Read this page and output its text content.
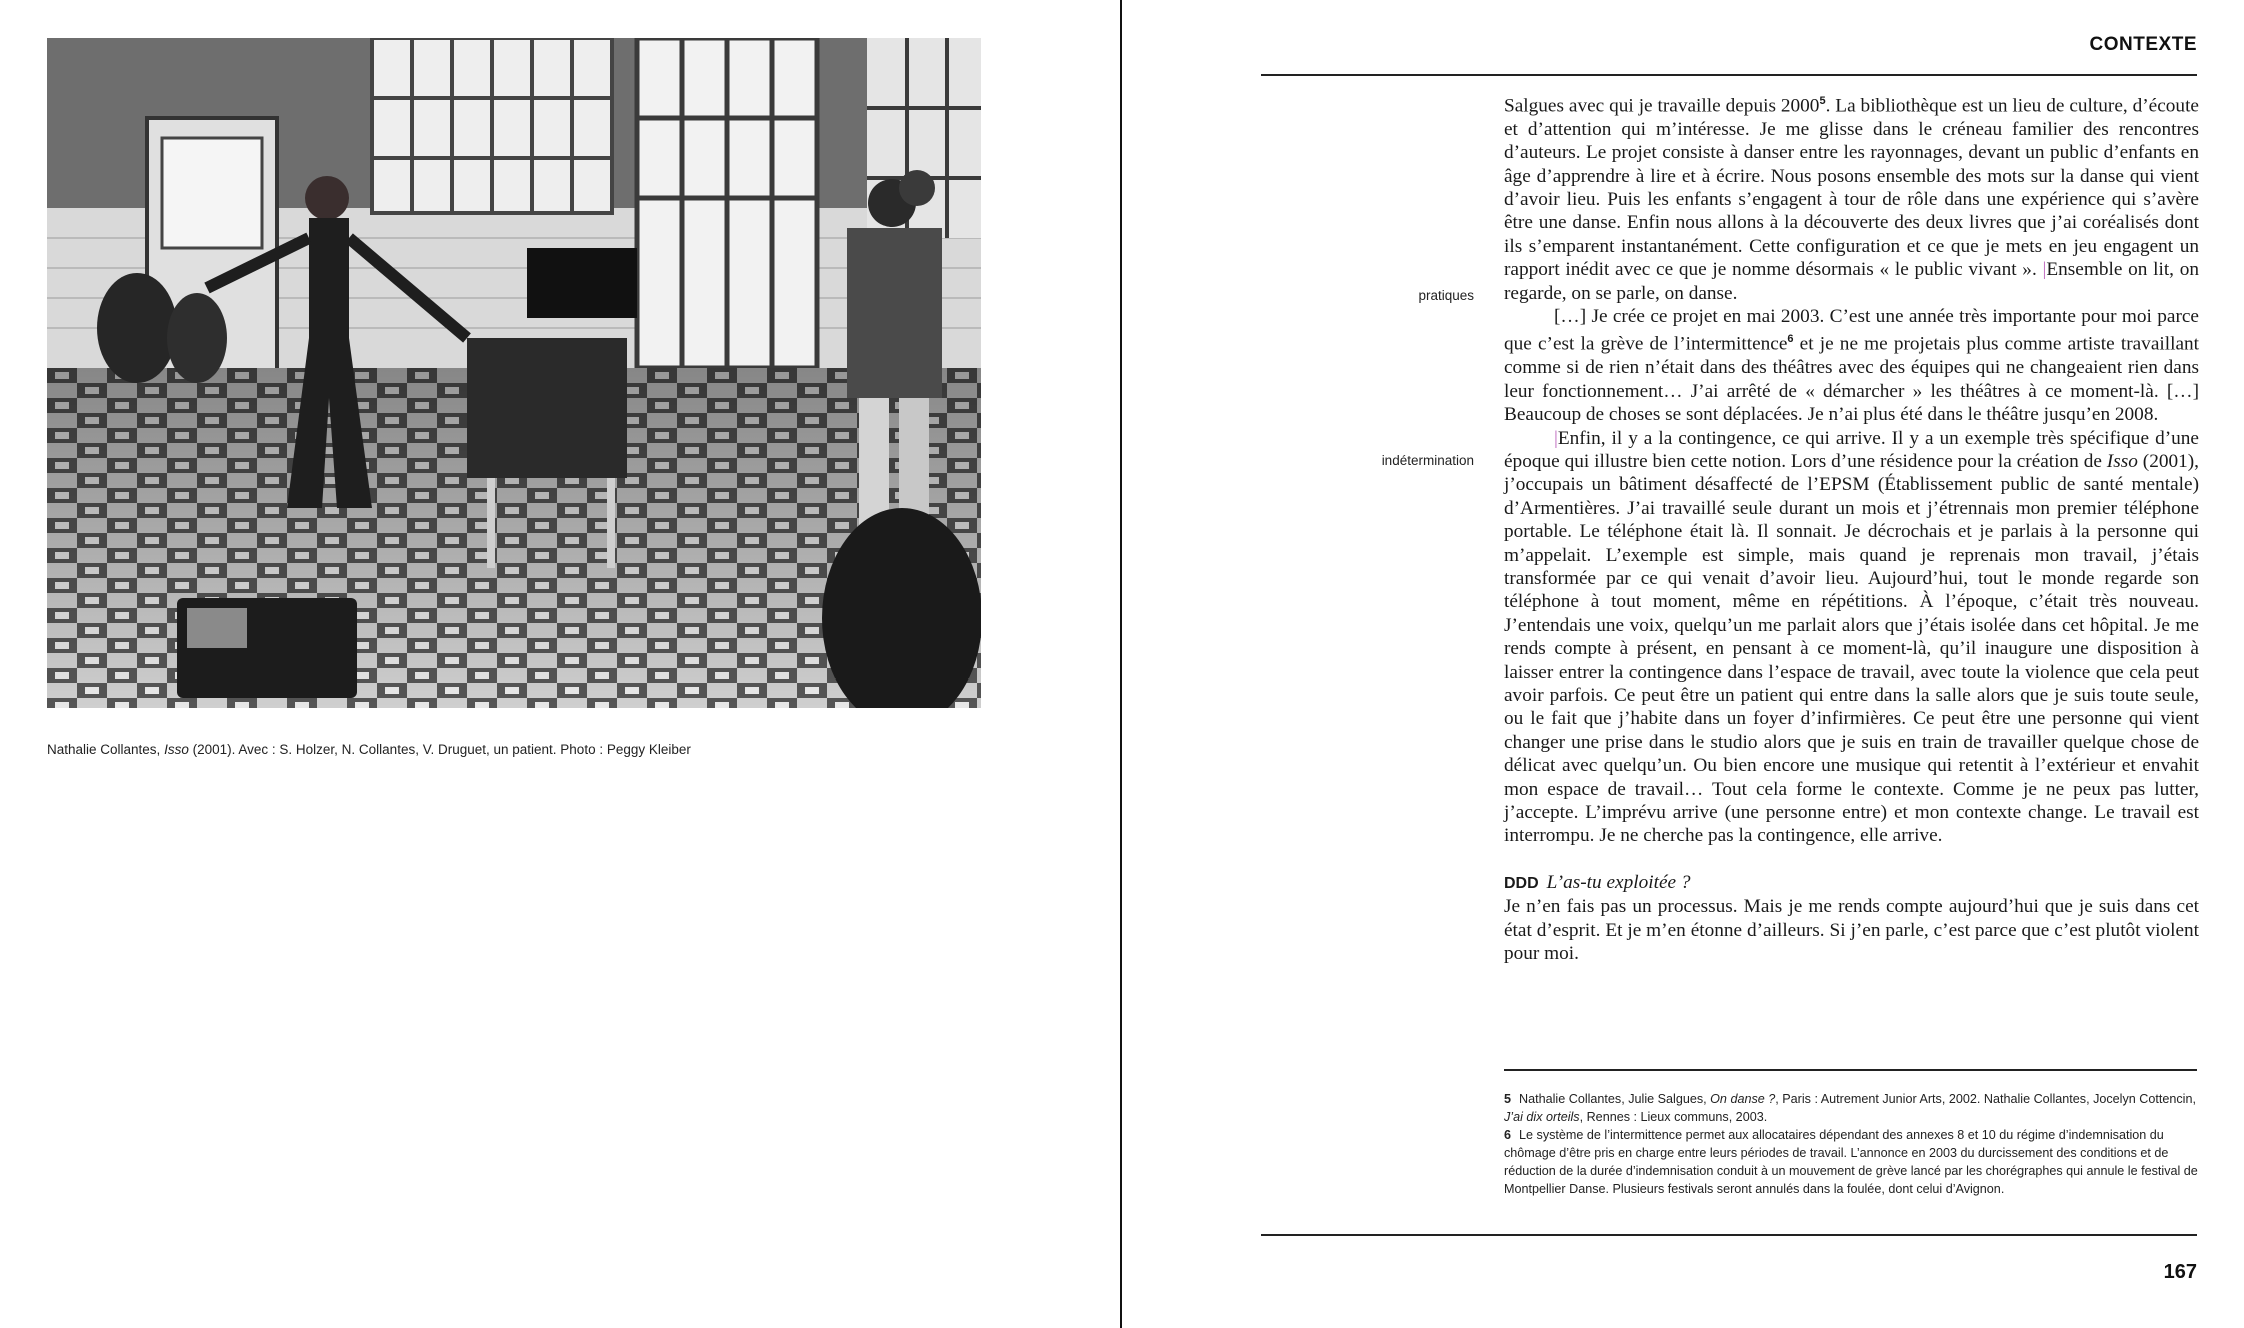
Nathalie Collantes, Isso (2001). Avec : S. Holzer, N. Collantes, V. Druguet, un patient. Photo : Peggy Kleiber
CONTEXTE
pratiques
indétermination

Salgues avec qui je travaille depuis 2000$^5$. La bibliothèque est un lieu de culture, d’écoute et d’attention qui m’intéresse. Je me glisse dans le créneau familier des rencontres d’auteurs. Le projet consiste à danser entre les rayonnages, devant un public d’enfants en âge d’apprendre à lire et à écrire. Nous posons ensemble des mots sur la danse qui vient d’avoir lieu. Puis les enfants s’engagent à tour de rôle dans une expérience qui s’avère être une danse. Enfin nous allons à la découverte des deux livres que j’ai coréalisés dont ils s’emparent instantanément. Cette configuration et ce que je mets en jeu engagent un rapport inédit avec ce que je nomme désormais « le public vivant ». |Ensemble on lit, on regarde, on se parle, on danse.

[…] Je crée ce projet en mai 2003. C’est une année très importante pour moi parce que c’est la grève de l’intermittence$^6$ et je ne me projetais plus comme artiste travaillant comme si de rien n’était dans des théâtres avec des équipes qui ne changeaient rien dans leur fonctionnement… J’ai arrêté de « démarcher » les théâtres à ce moment-là. […] Beaucoup de choses se sont déplacées. Je n’ai plus été dans le théâtre jusqu’en 2008.

|Enfin, il y a la contingence, ce qui arrive. Il y a un exemple très spécifique d’une époque qui illustre bien cette notion. Lors d’une résidence pour la création de Isso (2001), j’occupais un bâtiment désaffecté de l’EPSM (Établissement public de santé mentale) d’Armentières. J’ai travaillé seule durant un mois et j’étrennais mon premier téléphone portable. Le téléphone était là. Il sonnait. Je décrochais et je parlais à la personne qui m’appelait. L’exemple est simple, mais quand je reprenais mon travail, j’étais transformée par ce qui venait d’avoir lieu. Aujourd’hui, tout le monde regarde son téléphone à tout moment, même en répétitions. À l’époque, c’était très nouveau. J’entendais une voix, quelqu’un me parlait alors que j’étais isolée dans cet hôpital. Je me rends compte à présent, en pensant à ce moment-là, qu’il inaugure une disposition à laisser entrer la contingence dans l’espace de travail, avec toute la violence que cela peut avoir parfois. Ce peut être un patient qui entre dans la salle alors que je suis toute seule, ou le fait que j’habite dans un foyer d’infirmières. Ce peut être une personne qui vient changer une prise dans le studio alors que je suis en train de travailler quelque chose de délicat avec quelqu’un. Ou bien encore une musique qui retentit à l’extérieur et envahit mon espace de travail… Tout cela forme le contexte. Comme je ne peux pas lutter, j’accepte. L’imprévu arrive (une personne entre) et mon contexte change. Le travail est interrompu. Je ne cherche pas la contingence, elle arrive.

DDD L’as-tu exploitée ?

Je n’en fais pas un processus. Mais je me rends compte aujourd’hui que je suis dans cet état d’esprit. Et je m’en étonne d’ailleurs. Si j’en parle, c’est parce que c’est plutôt violent pour moi.

5 Nathalie Collantes, Julie Salgues, On danse ?, Paris : Autrement Junior Arts, 2002. Nathalie Collantes, Jocelyn Cottencin, J’ai dix orteils, Rennes : Lieux communs, 2003.

6 Le système de l’intermittence permet aux allocataires dépendant des annexes 8 et 10 du régime d’indemnisation du chômage d’être pris en charge entre leurs périodes de travail. L’annonce en 2003 du durcissement des conditions et de réduction de la durée d’indemnisation conduit à un mouvement de grève lancé par les chorégraphes qui annule le festival de Montpellier Danse. Plusieurs festivals seront annulés dans la foulée, dont celui d’Avignon.

167
